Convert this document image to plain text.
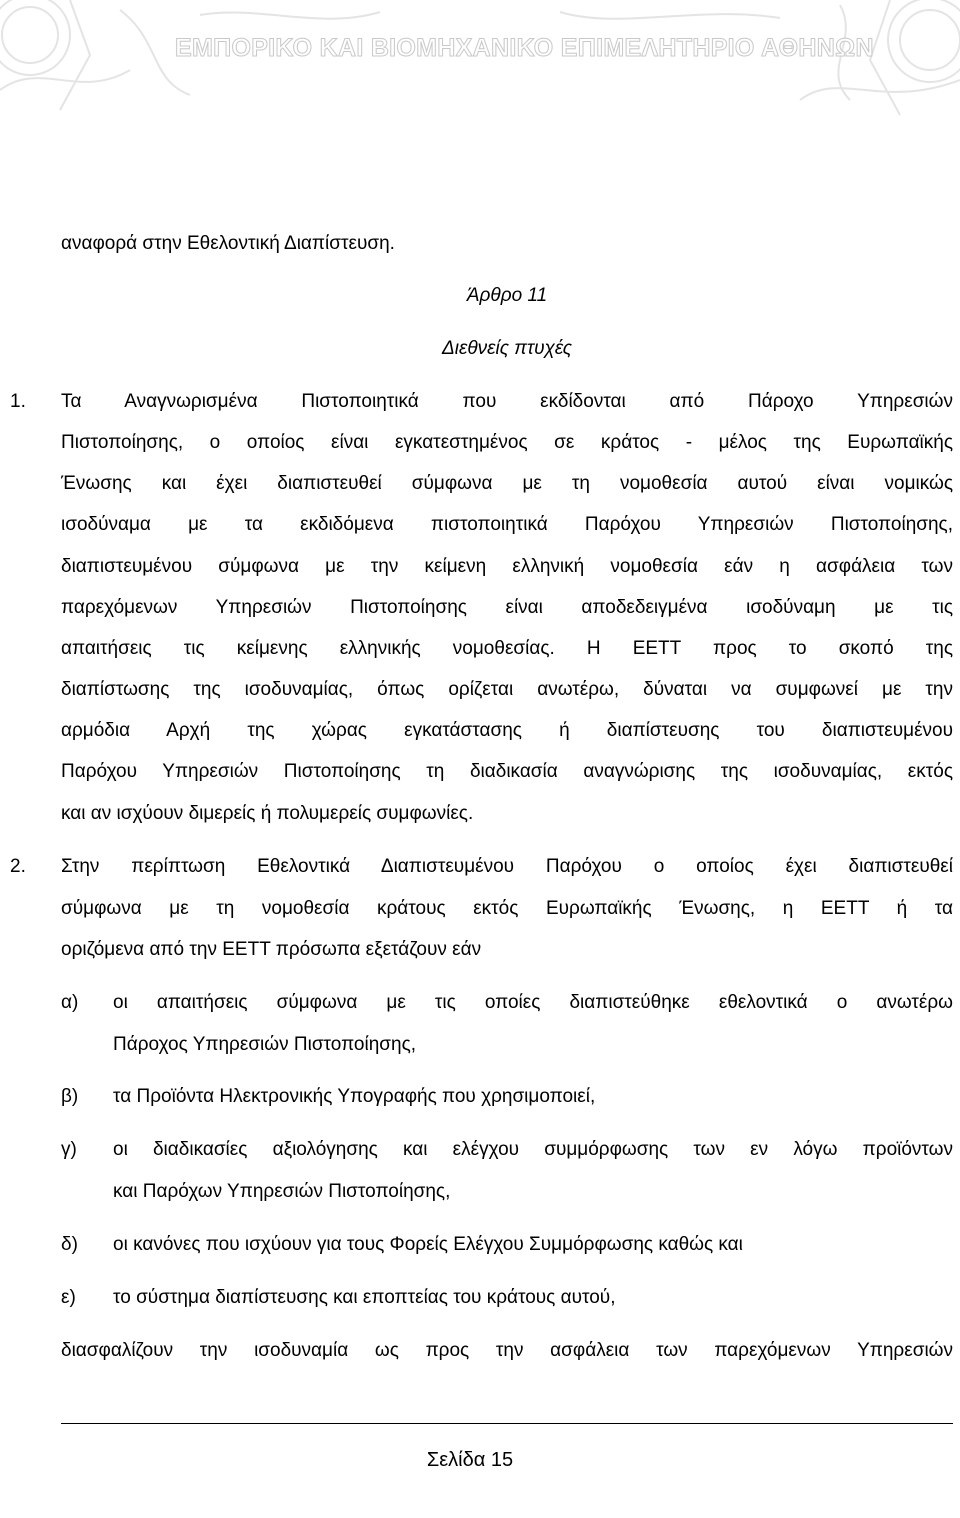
ΕΜΠΟΡΙΚΟ ΚΑΙ ΒΙΟΜΗΧΑΝΙΚΟ ΕΠΙΜΕΛΗΤΗΡΙΟ ΑΘΗΝΩΝ
αναφορά στην Εθελοντική Διαπίστευση.
Άρθρο 11
Διεθνείς πτυχές
1. Τα Αναγνωρισμένα Πιστοποιητικά που εκδίδονται από Πάροχο Υπηρεσιών
Πιστοποίησης, ο οποίος είναι εγκατεστημένος σε κράτος - μέλος της Ευρωπαϊκής
Ένωσης και έχει διαπιστευθεί σύμφωνα με τη νομοθεσία αυτού είναι νομικώς
ισοδύναμα με τα εκδιδόμενα πιστοποιητικά Παρόχου Υπηρεσιών Πιστοποίησης,
διαπιστευμένου σύμφωνα με την κείμενη ελληνική νομοθεσία εάν η ασφάλεια των
παρεχόμενων Υπηρεσιών Πιστοποίησης είναι αποδεδειγμένα ισοδύναμη με τις
απαιτήσεις τις κείμενης ελληνικής νομοθεσίας. Η ΕΕΤΤ προς το σκοπό της
διαπίστωσης της ισοδυναμίας, όπως ορίζεται ανωτέρω, δύναται να συμφωνεί με την
αρμόδια Αρχή της χώρας εγκατάστασης ή διαπίστευσης του διαπιστευμένου
Παρόχου Υπηρεσιών Πιστοποίησης τη διαδικασία αναγνώρισης της ισοδυναμίας, εκτός
και αν ισχύουν διμερείς ή πολυμερείς συμφωνίες.
2. Στην περίπτωση Εθελοντικά Διαπιστευμένου Παρόχου ο οποίος έχει διαπιστευθεί
σύμφωνα με τη νομοθεσία κράτους εκτός Ευρωπαϊκής Ένωσης, η ΕΕΤΤ ή τα
οριζόμενα από την ΕΕΤΤ πρόσωπα εξετάζουν εάν
α) οι απαιτήσεις σύμφωνα με τις οποίες διαπιστεύθηκε εθελοντικά ο ανωτέρω
Πάροχος Υπηρεσιών Πιστοποίησης,
β) τα Προϊόντα Ηλεκτρονικής Υπογραφής που χρησιμοποιεί,
γ) οι διαδικασίες αξιολόγησης και ελέγχου συμμόρφωσης των εν λόγω προϊόντων
και Παρόχων Υπηρεσιών Πιστοποίησης,
δ) οι κανόνες που ισχύουν για τους Φορείς Ελέγχου Συμμόρφωσης καθώς και
ε) το σύστημα διαπίστευσης και εποπτείας του κράτους αυτού,
διασφαλίζουν την ισοδυναμία ως προς την ασφάλεια των παρεχόμενων Υπηρεσιών
Σελίδα 15
